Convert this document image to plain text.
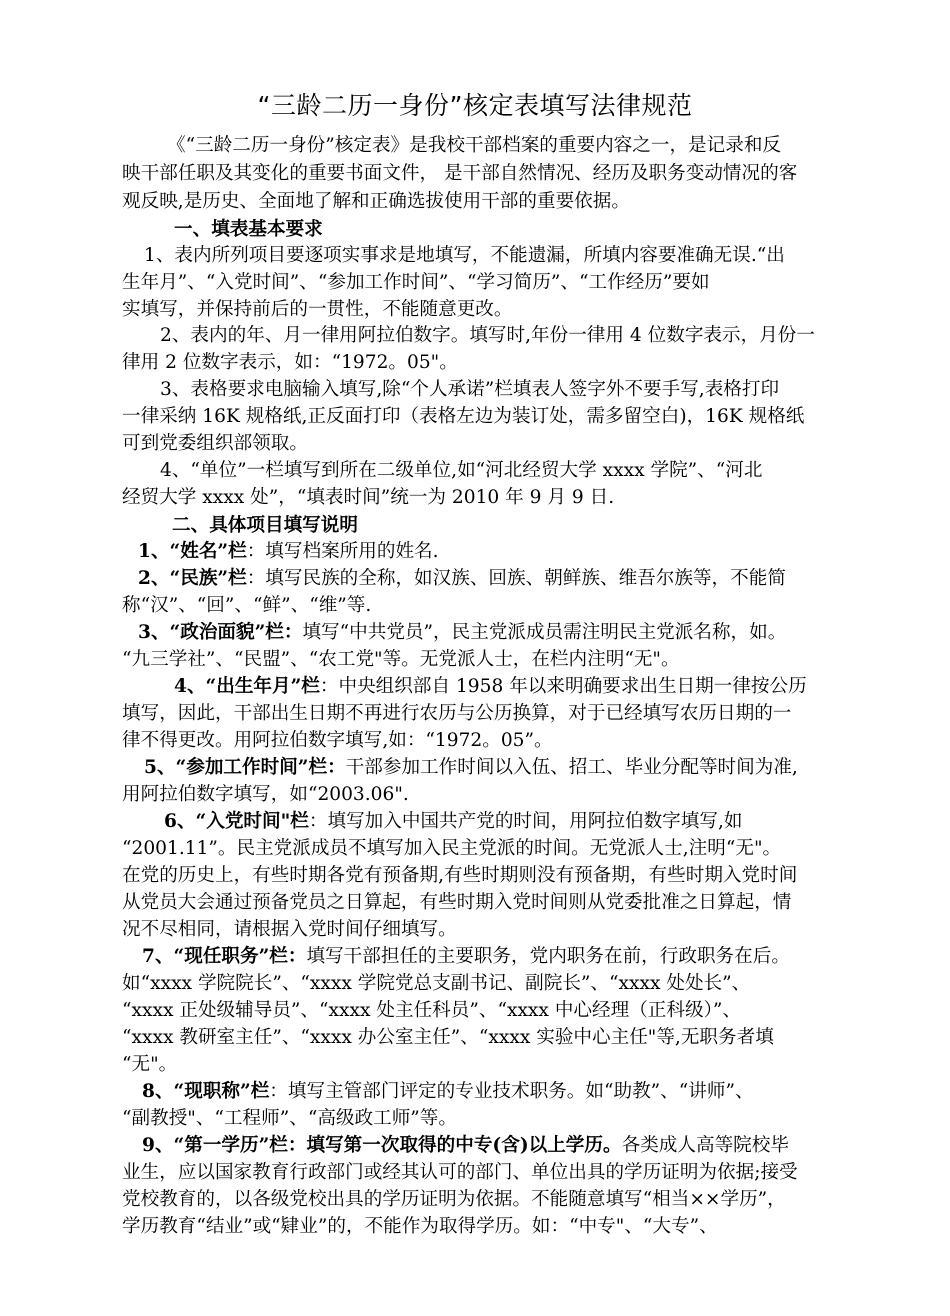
“三龄二历一身份”核定表填写法律规范
《“三龄二历一身份”核定表》是我校干部档案的重要内容之一，是记录和反
映干部任职及其变化的重要书面文件， 是干部自然情况、经历及职务变动情况的客
观反映,是历史、全面地了解和正确选拔使用干部的重要依据。
一、填表基本要求
1、表内所列项目要逐项实事求是地填写，不能遗漏，所填内容要准确无误.“出
生年月”、“入党时间”、“参加工作时间”、“学习简历”、“工作经历”要如
实填写，并保持前后的一贯性，不能随意更改。
2、表内的年、月一律用阿拉伯数字。填写时,年份一律用 4 位数字表示，月份一
律用 2 位数字表示，如：“1972。05"。
3、表格要求电脑输入填写,除“个人承诺”栏填表人签字外不要手写,表格打印
一律采纳 16K 规格纸,正反面打印（表格左边为装订处，需多留空白)，16K 规格纸
可到党委组织部领取。
4、“单位”一栏填写到所在二级单位,如“河北经贸大学 xxxx 学院”、“河北
经贸大学 xxxx 处”，“填表时间”统一为 2010 年 9 月 9 日.
二、具体项目填写说明
1、“姓名”栏：填写档案所用的姓名.
2、“民族”栏：填写民族的全称，如汉族、回族、朝鲜族、维吾尔族等，不能简
称“汉”、“回”、“鲜”、“维”等.
3、“政治面貌”栏：填写“中共党员”，民主党派成员需注明民主党派名称，如。
“九三学社”、“民盟”、“农工党"等。无党派人士，在栏内注明“无"。
4、“出生年月”栏：中央组织部自 1958 年以来明确要求出生日期一律按公历
填写，因此，干部出生日期不再进行农历与公历换算，对于已经填写农历日期的一
律不得更改。用阿拉伯数字填写,如：“1972。05”。
5、“参加工作时间”栏：干部参加工作时间以入伍、招工、毕业分配等时间为准,
用阿拉伯数字填写，如“2003.06".
6、“入党时间"栏：填写加入中国共产党的时间，用阿拉伯数字填写,如
“2001.11”。民主党派成员不填写加入民主党派的时间。无党派人士,注明“无"。
在党的历史上，有些时期各党有预备期,有些时期则没有预备期，有些时期入党时间
从党员大会通过预备党员之日算起，有些时期入党时间则从党委批准之日算起，情
况不尽相同，请根据入党时间仔细填写。
7、“现任职务”栏：填写干部担任的主要职务，党内职务在前，行政职务在后。
如“xxxx 学院院长”、“xxxx 学院党总支副书记、副院长”、“xxxx 处处长”、
“xxxx 正处级辅导员”、“xxxx 处主任科员”、“xxxx 中心经理（正科级）”、
“xxxx 教研室主任”、“xxxx 办公室主任”、“xxxx 实验中心主任"等,无职务者填
“无"。
8、“现职称”栏：填写主管部门评定的专业技术职务。如“助教”、“讲师”、
“副教授"、“工程师”、“高级政工师”等。
9、“第一学历”栏：填写第一次取得的中专(含)以上学历。各类成人高等院校毕
业生，应以国家教育行政部门或经其认可的部门、单位出具的学历证明为依据;接受
党校教育的，以各级党校出具的学历证明为依据。不能随意填写“相当××学历”，
学历教育“结业”或“肄业”的，不能作为取得学历。如：“中专"、“大专”、
